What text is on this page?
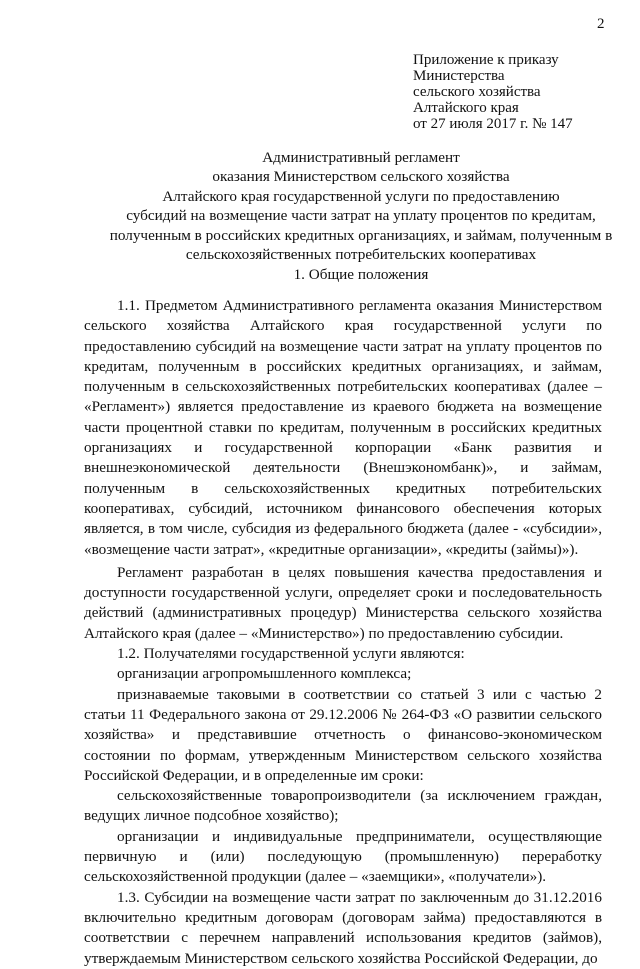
2
Приложение к приказу
Министерства
сельского хозяйства
Алтайского края
от 27 июля 2017 г. № 147
Административный регламент
оказания Министерством сельского хозяйства
Алтайского края государственной услуги по предоставлению
субсидий на возмещение части затрат на уплату процентов по кредитам,
полученным в российских кредитных организациях, и займам, полученным в
сельскохозяйственных потребительских кооперативах
1. Общие положения

1.1. Предметом Административного регламента оказания Министерством сельского хозяйства Алтайского края государственной услуги по предоставлению субсидий на возмещение части затрат на уплату процентов по кредитам, полученным в российских кредитных организациях, и займам, полученным в сельскохозяйственных потребительских кооперативах (далее – «Регламент») является предоставление из краевого бюджета на возмещение части процентной ставки по кредитам, полученным в российских кредитных организациях и государственной корпорации «Банк развития и внешнеэкономической деятельности (Внешэкономбанк)», и займам, полученным в сельскохозяйственных кредитных потребительских кооперативах, субсидий, источником финансового обеспечения которых является, в том числе, субсидия из федерального бюджета (далее - «субсидии», «возмещение части затрат», «кредитные организации», «кредиты (займы)»).

Регламент разработан в целях повышения качества предоставления и доступности государственной услуги, определяет сроки и последовательность действий (административных процедур) Министерства сельского хозяйства Алтайского края (далее – «Министерство») по предоставлению субсидии.

1.2. Получателями государственной услуги являются:

организации агропромышленного комплекса;

признаваемые таковыми в соответствии со статьей 3 или с частью 2 статьи 11 Федерального закона от 29.12.2006 № 264-ФЗ «О развитии сельского хозяйства» и представившие отчетность о финансово-экономическом состоянии по формам, утвержденным Министерством сельского хозяйства Российской Федерации, и в определенные им сроки:

сельскохозяйственные товаропроизводители (за исключением граждан, ведущих личное подсобное хозяйство);

организации и индивидуальные предприниматели, осуществляющие первичную и (или) последующую (промышленную) переработку сельскохозяйственной продукции (далее – «заемщики», «получатели»).

1.3. Субсидии на возмещение части затрат по заключенным до 31.12.2016 включительно кредитным договорам (договорам займа) предоставляются в соответствии с перечнем направлений использования кредитов (займов), утверждаемым Министерством сельского хозяйства Российской Федерации, до
